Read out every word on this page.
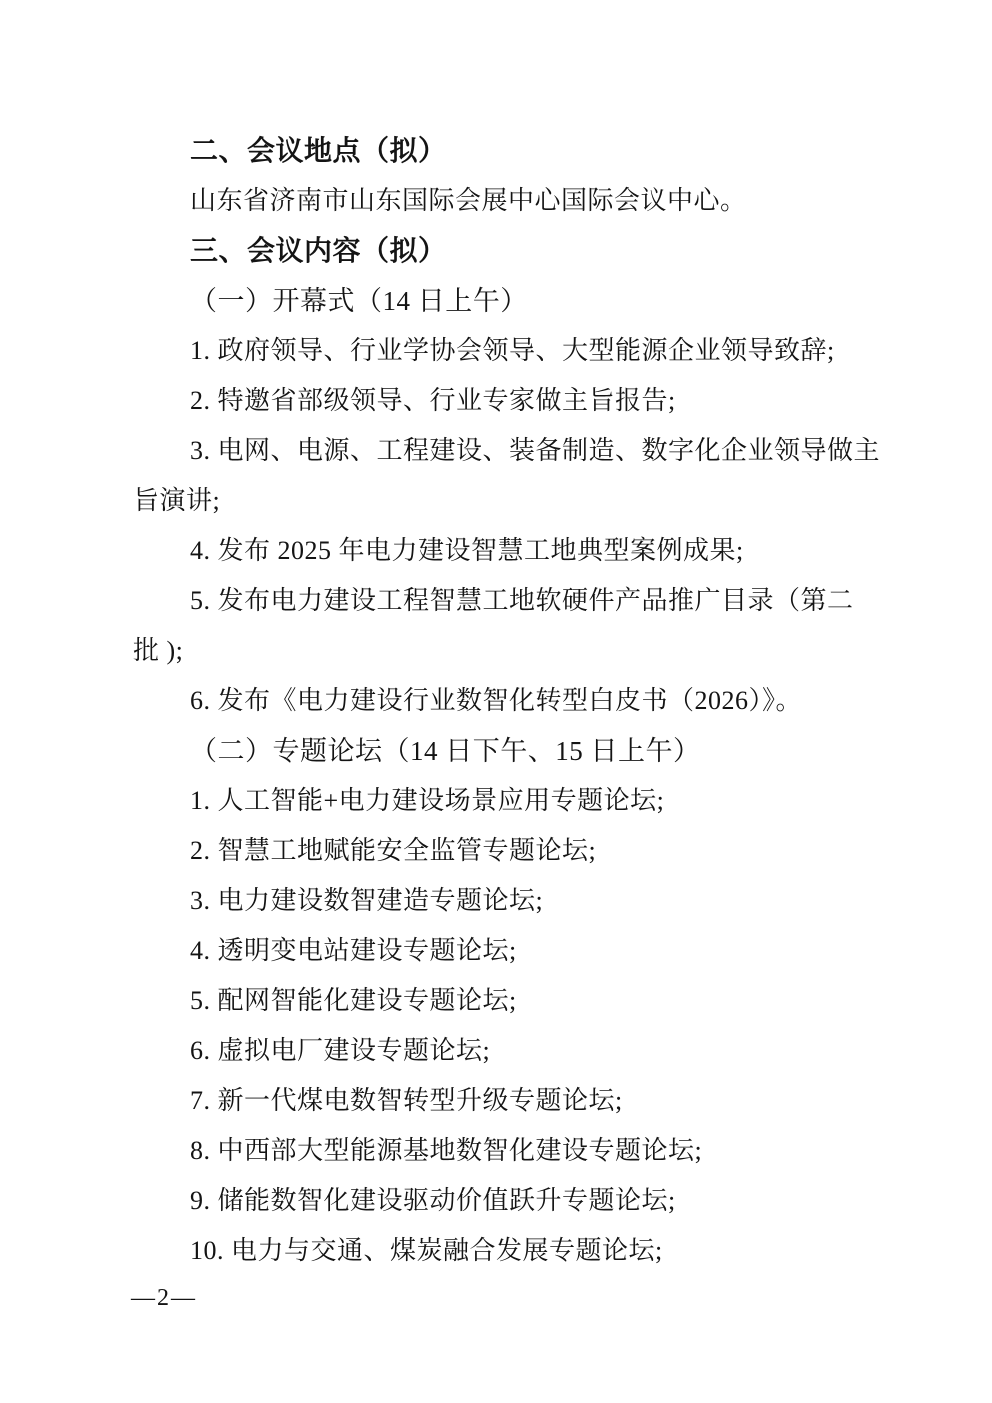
二、会议地点（拟）
山东省济南市山东国际会展中心国际会议中心。
三、会议内容（拟）
（一）开幕式（14 日上午）
1. 政府领导、行业学协会领导、大型能源企业领导致辞;
2. 特邀省部级领导、行业专家做主旨报告;
3. 电网、电源、工程建设、装备制造、数字化企业领导做主
旨演讲;
4. 发布 2025 年电力建设智慧工地典型案例成果;
5. 发布电力建设工程智慧工地软硬件产品推广目录（第二
批 );
6. 发布《电力建设行业数智化转型白皮书（2026）》。
（二）专题论坛（14 日下午、15 日上午）
1. 人工智能+电力建设场景应用专题论坛;
2. 智慧工地赋能安全监管专题论坛;
3. 电力建设数智建造专题论坛;
4. 透明变电站建设专题论坛;
5. 配网智能化建设专题论坛;
6. 虚拟电厂建设专题论坛;
7. 新一代煤电数智转型升级专题论坛;
8. 中西部大型能源基地数智化建设专题论坛;
9. 储能数智化建设驱动价值跃升专题论坛;
10. 电力与交通、煤炭融合发展专题论坛;
—2—
